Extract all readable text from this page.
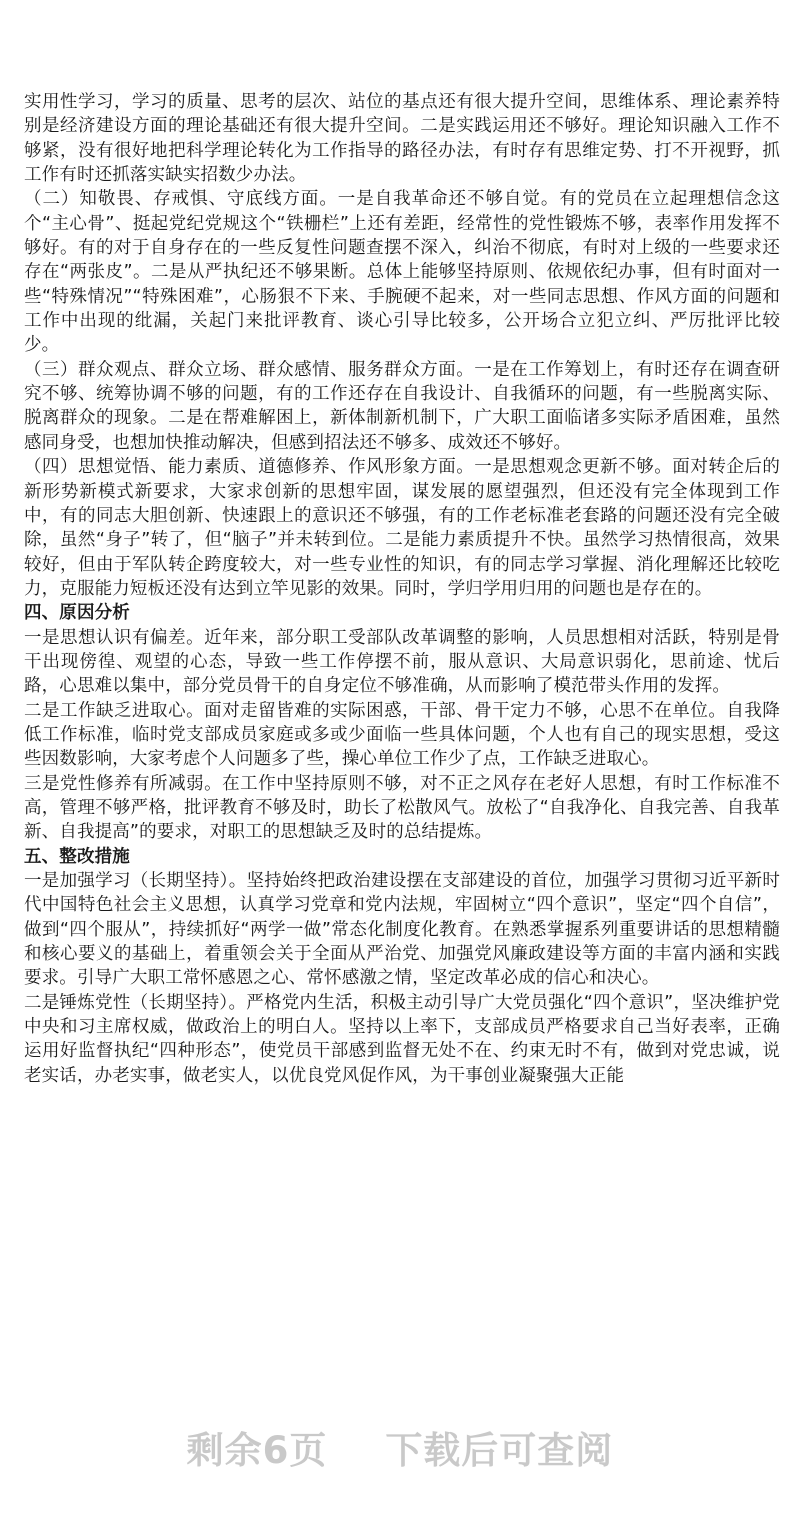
实用性学习，学习的质量、思考的层次、站位的基点还有很大提升空间，思维体系、理论素养特别是经济建设方面的理论基础还有很大提升空间。二是实践运用还不够好。理论知识融入工作不够紧，没有很好地把科学理论转化为工作指导的路径办法，有时存有思维定势、打不开视野，抓工作有时还抓落实缺实招数少办法。

（二）知敬畏、存戒惧、守底线方面。一是自我革命还不够自觉。有的党员在立起理想信念这个“主心骨”、挺起党纪党规这个“铁栅栏”上还有差距，经常性的党性锻炼不够，表率作用发挥不够好。有的对于自身存在的一些反复性问题查摆不深入，纠治不彻底，有时对上级的一些要求还存在“两张皮”。二是从严执纪还不够果断。总体上能够坚持原则、依规依纪办事，但有时面对一些“特殊情况”“特殊困难”，心肠狠不下来、手腕硬不起来，对一些同志思想、作风方面的问题和工作中出现的纰漏，关起门来批评教育、谈心引导比较多，公开场合立犯立纠、严厉批评比较少。

（三）群众观点、群众立场、群众感情、服务群众方面。一是在工作筹划上，有时还存在调查研究不够、统筹协调不够的问题，有的工作还存在自我设计、自我循环的问题，有一些脱离实际、脱离群众的现象。二是在帮难解困上，新体制新机制下，广大职工面临诸多实际矛盾困难，虽然感同身受，也想加快推动解决，但感到招法还不够多、成效还不够好。

（四）思想觉悟、能力素质、道德修养、作风形象方面。一是思想观念更新不够。面对转企后的新形势新模式新要求，大家求创新的思想牢固，谋发展的愿望强烈，但还没有完全体现到工作中，有的同志大胆创新、快速跟上的意识还不够强，有的工作老标准老套路的问题还没有完全破除，虽然“身子”转了，但“脑子”并未转到位。二是能力素质提升不快。虽然学习热情很高，效果较好，但由于军队转企跨度较大，对一些专业性的知识，有的同志学习掌握、消化理解还比较吃力，克服能力短板还没有达到立竿见影的效果。同时，学归学用归用的问题也是存在的。

四、原因分析

一是思想认识有偏差。近年来，部分职工受部队改革调整的影响，人员思想相对活跃，特别是骨干出现傍徨、观望的心态，导致一些工作停摆不前，服从意识、大局意识弱化，思前途、忧后路，心思难以集中，部分党员骨干的自身定位不够准确，从而影响了模范带头作用的发挥。

二是工作缺乏进取心。面对走留皆难的实际困惑，干部、骨干定力不够，心思不在单位。自我降低工作标准，临时党支部成员家庭或多或少面临一些具体问题，个人也有自己的现实思想，受这些因数影响，大家考虑个人问题多了些，操心单位工作少了点，工作缺乏进取心。

三是党性修养有所减弱。在工作中坚持原则不够，对不正之风存在老好人思想，有时工作标准不高，管理不够严格，批评教育不够及时，助长了松散风气。放松了“自我净化、自我完善、自我革新、自我提高”的要求，对职工的思想缺乏及时的总结提炼。

五、整改措施

一是加强学习（长期坚持）。坚持始终把政治建设摆在支部建设的首位，加强学习贯彻习近平新时代中国特色社会主义思想，认真学习党章和党内法规，牢固树立“四个意识”，坚定“四个自信”，做到“四个服从”，持续抓好“两学一做”常态化制度化教育。在熟悉掌握系列重要讲话的思想精髓和核心要义的基础上，着重领会关于全面从严治党、加强党风廉政建设等方面的丰富内涵和实践要求。引导广大职工常怀感恩之心、常怀感激之情，坚定改革必成的信心和决心。

二是锤炼党性（长期坚持）。严格党内生活，积极主动引导广大党员强化“四个意识”，坚决维护党中央和习主席权威，做政治上的明白人。坚持以上率下，支部成员严格要求自己当好表率，正确运用好监督执纪“四种形态”，使党员干部感到监督无处不在、约束无时不有，做到对党忠诚，说老实话，办老实事，做老实人，以优良党风促作风，为干事创业凝聚强大正能

剩余6页 下载后可查阅
